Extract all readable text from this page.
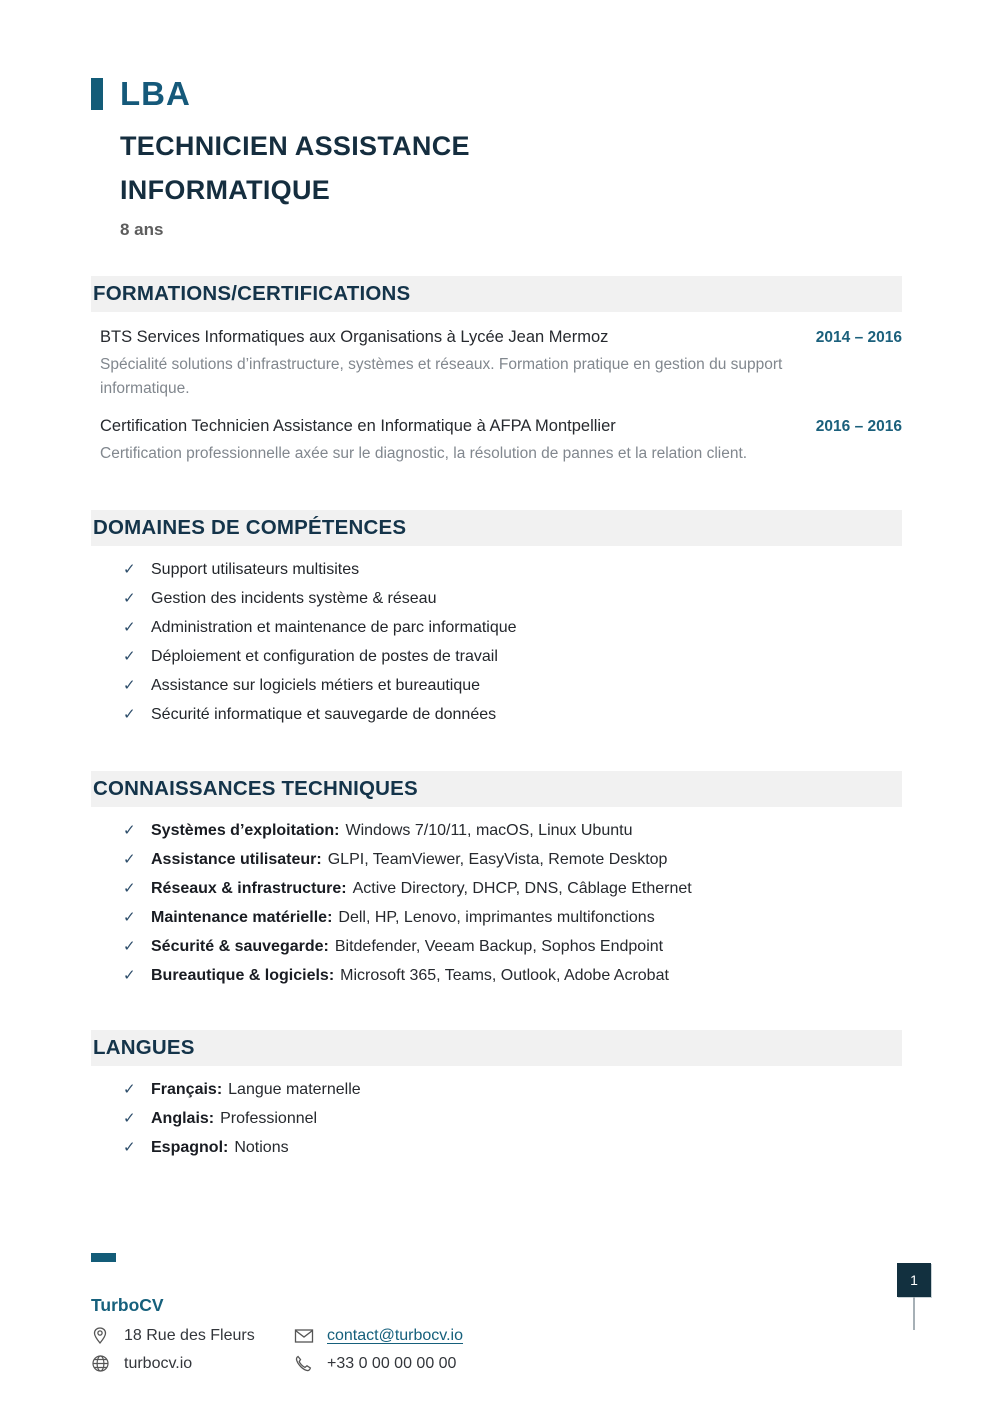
LBA
TECHNICIEN ASSISTANCE INFORMATIQUE
8 ans
FORMATIONS/CERTIFICATIONS
BTS Services Informatiques aux Organisations à Lycée Jean Mermoz	2014 – 2016
Spécialité solutions d’infrastructure, systèmes et réseaux. Formation pratique en gestion du support informatique.
Certification Technicien Assistance en Informatique à AFPA Montpellier	2016 – 2016
Certification professionnelle axée sur le diagnostic, la résolution de pannes et la relation client.
DOMAINES DE COMPÉTENCES
✓ Support utilisateurs multisites
✓ Gestion des incidents système & réseau
✓ Administration et maintenance de parc informatique
✓ Déploiement et configuration de postes de travail
✓ Assistance sur logiciels métiers et bureautique
✓ Sécurité informatique et sauvegarde de données
CONNAISSANCES TECHNIQUES
✓ Systèmes d’exploitation: Windows 7/10/11, macOS, Linux Ubuntu
✓ Assistance utilisateur: GLPI, TeamViewer, EasyVista, Remote Desktop
✓ Réseaux & infrastructure: Active Directory, DHCP, DNS, Câblage Ethernet
✓ Maintenance matérielle: Dell, HP, Lenovo, imprimantes multifonctions
✓ Sécurité & sauvegarde: Bitdefender, Veeam Backup, Sophos Endpoint
✓ Bureautique & logiciels: Microsoft 365, Teams, Outlook, Adobe Acrobat
LANGUES
✓ Français: Langue maternelle
✓ Anglais: Professionnel
✓ Espagnol: Notions
TurboCV
18 Rue des Fleurs	contact@turbocv.io
turbocv.io	+33 0 00 00 00 00
1
